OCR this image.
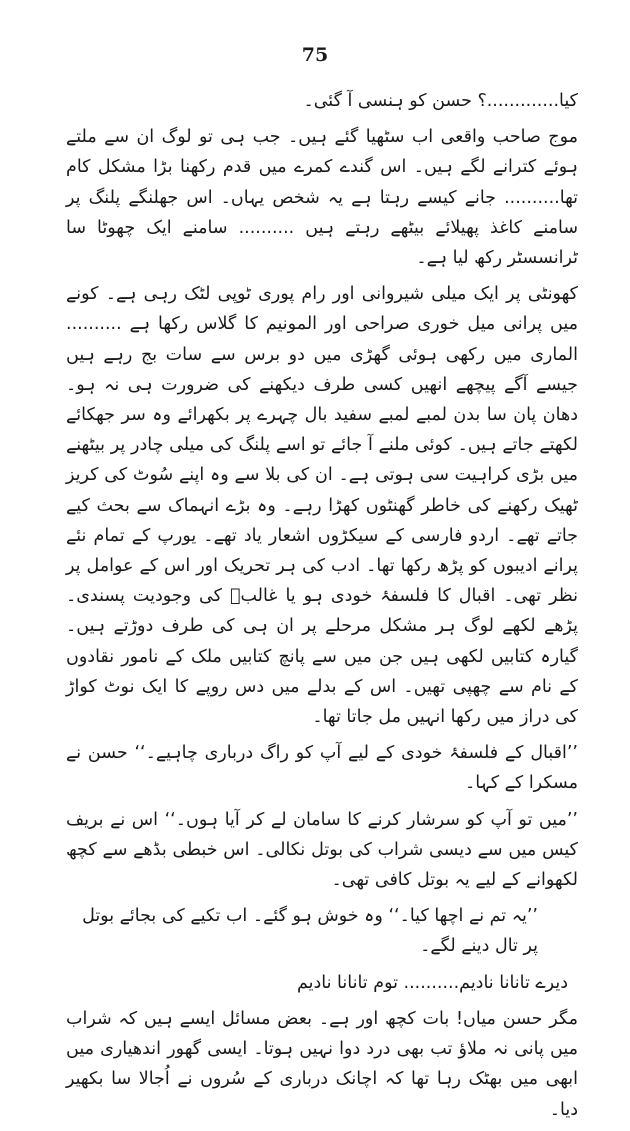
75

کیا.............؟ حسن کو ہنسی آ گئی۔

موج صاحب واقعی اب سٹھیا گئے ہیں۔ جب ہی تو لوگ ان سے ملتے ہوئے کترانے لگے ہیں۔ اس گندے کمرے میں قدم رکھنا بڑا مشکل کام تھا.......... جانے کیسے رہتا ہے یہ شخص یہاں۔ اس جھلنگے پلنگ پر سامنے کاغذ پھیلائے بیٹھے رہتے ہیں .......... سامنے ایک چھوٹا سا ٹرانسسٹر رکھ لیا ہے۔

کھونٹی پر ایک میلی شیروانی اور رام پوری ٹوپی لٹک رہی ہے۔ کونے میں پرانی میل خوری صراحی اور المونیم کا گلاس رکھا ہے .......... الماری میں رکھی ہوئی گھڑی میں دو برس سے سات بج رہے ہیں جیسے آگے پیچھے انھیں کسی طرف دیکھنے کی ضرورت ہی نہ ہو۔ دھان پان سا بدن لمبے لمبے سفید بال چہرے پر بکھرائے وہ سر جھکائے لکھتے جاتے ہیں۔ کوئی ملنے آ جائے تو اسے پلنگ کی میلی چادر پر بیٹھنے میں بڑی کراہیت سی ہوتی ہے۔ ان کی بلا سے وہ اپنے سُوٹ کی کریز ٹھیک رکھنے کی خاطر گھنٹوں کھڑا رہے۔ وہ بڑے انہماک سے بحث کیے جاتے تھے۔ اردو فارسی کے سیکڑوں اشعار یاد تھے۔ یورپ کے تمام نئے پرانے ادیبوں کو پڑھ رکھا تھا۔ ادب کی ہر تحریک اور اس کے عوامل پر نظر تھی۔ اقبال کا فلسفۂ خودی ہو یا غالبؔ کی وجودیت پسندی۔ پڑھے لکھے لوگ ہر مشکل مرحلے پر ان ہی کی طرف دوڑتے ہیں۔ گیارہ کتابیں لکھی ہیں جن میں سے پانچ کتابیں ملک کے نامور نقادوں کے نام سے چھپی تھیں۔ اس کے بدلے میں دس روپے کا ایک نوٹ کواڑ کی دراز میں رکھا انہیں مل جاتا تھا۔

’’اقبال کے فلسفۂ خودی کے لیے آپ کو راگ درباری چاہیے۔‘‘ حسن نے مسکرا کے کہا۔

’’میں تو آپ کو سرشار کرنے کا سامان لے کر آیا ہوں۔‘‘ اس نے بریف کیس میں سے دیسی شراب کی بوتل نکالی۔ اس خبطی بڈھے سے کچھ لکھوانے کے لیے یہ بوتل کافی تھی۔

’’یہ تم نے اچھا کیا۔‘‘ وہ خوش ہو گئے۔ اب تکیے کی بجائے بوتل پر تال دینے لگے۔

دیرے تانانا نادیم.......... توم تانانا نادیم

مگر حسن میاں! بات کچھ اور ہے۔ بعض مسائل ایسے ہیں کہ شراب میں پانی نہ ملاؤ تب بھی درد دوا نہیں ہوتا۔ ایسی گھور اندھیاری میں ابھی میں بھٹک رہا تھا کہ اچانک درباری کے سُروں نے اُجالا سا بکھیر دیا۔
